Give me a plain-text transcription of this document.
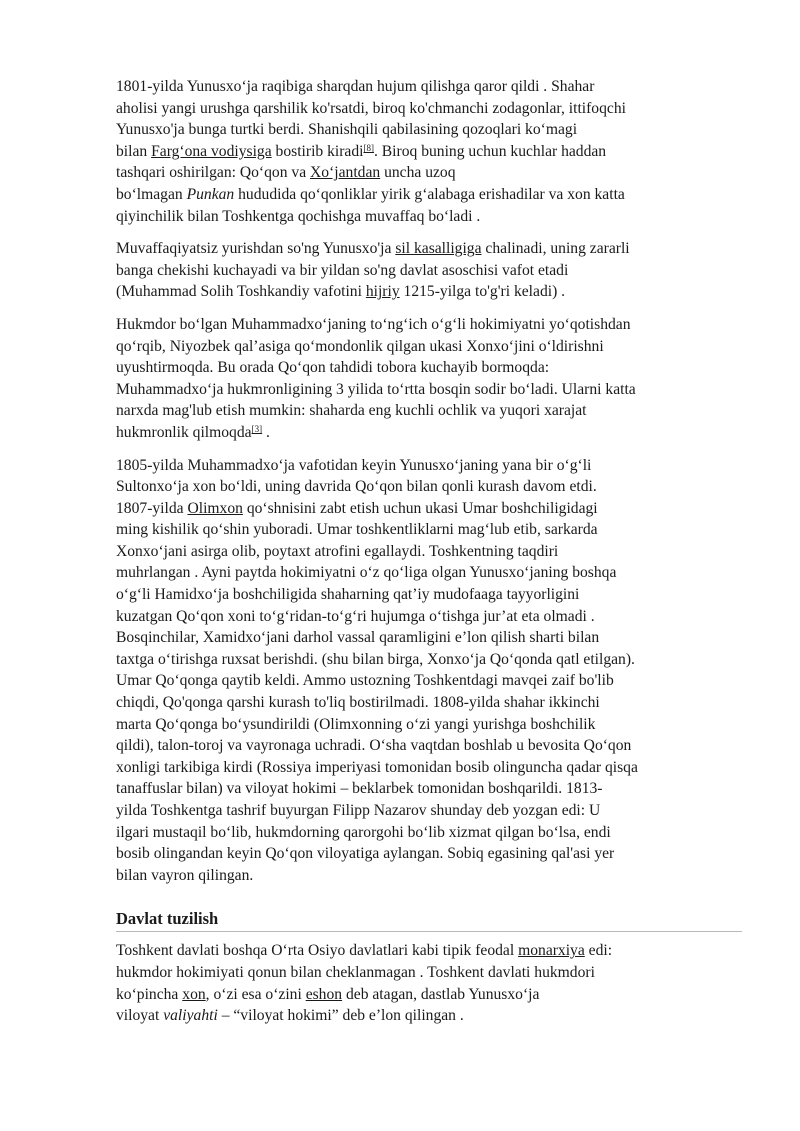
1801-yilda Yunusxo‘ja raqibiga sharqdan hujum qilishga qaror qildi . Shahar
aholisi yangi urushga qarshilik ko'rsatdi, biroq ko'chmanchi zodagonlar, ittifoqchi
Yunusxo'ja bunga turtki berdi. Shanishqili qabilasining qozoqlari ko‘magi
bilan Farg‘ona vodiysiga bostirib kiradi[8]. Biroq buning uchun kuchlar haddan
tashqari oshirilgan: Qo‘qon va Xo‘jantdan uncha uzoq
bo‘lmagan Punkan hududida qo‘qonliklar yirik g‘alabaga erishadilar va xon katta
qiyinchilik bilan Toshkentga qochishga muvaffaq bo‘ladi .

Muvaffaqiyatsiz yurishdan so'ng Yunusxo'ja sil kasalligiga chalinadi, uning zararli
banga chekishi kuchayadi va bir yildan so'ng davlat asoschisi vafot etadi
(Muhammad Solih Toshkandiy vafotini hijriy 1215-yilga to'g'ri keladi) .

Hukmdor bo‘lgan Muhammadxo‘janing to‘ng‘ich o‘g‘li hokimiyatni yo‘qotishdan
qo‘rqib, Niyozbek qal’asiga qo‘mondonlik qilgan ukasi Xonxo‘jini o‘ldirishni
uyushtirmoqda. Bu orada Qo‘qon tahdidi tobora kuchayib bormoqda:
Muhammadxo‘ja hukmronligining 3 yilida to‘rtta bosqin sodir bo‘ladi. Ularni katta
narxda mag'lub etish mumkin: shaharda eng kuchli ochlik va yuqori xarajat
hukmronlik qilmoqda[3] .

1805-yilda Muhammadxo‘ja vafotidan keyin Yunusxo‘janing yana bir o‘g‘li
Sultonxo‘ja xon bo‘ldi, uning davrida Qo‘qon bilan qonli kurash davom etdi.
1807-yilda Olimxon qo‘shnisini zabt etish uchun ukasi Umar boshchiligidagi
ming kishilik qo‘shin yuboradi. Umar toshkentliklarni mag‘lub etib, sarkarda
Xonxo‘jani asirga olib, poytaxt atrofini egallaydi. Toshkentning taqdiri
muhrlangan . Ayni paytda hokimiyatni o‘z qo‘liga olgan Yunusxo‘janing boshqa
o‘g‘li Hamidxo‘ja boshchiligida shaharning qat’iy mudofaaga tayyorligini
kuzatgan Qo‘qon xoni to‘g‘ridan-to‘g‘ri hujumga o‘tishga jur’at eta olmadi .
Bosqinchilar, Xamidxo‘jani darhol vassal qaramligini e’lon qilish sharti bilan
taxtga o‘tirishga ruxsat berishdi. (shu bilan birga, Xonxo‘ja Qo‘qonda qatl etilgan).
Umar Qo‘qonga qaytib keldi. Ammo ustozning Toshkentdagi mavqei zaif bo'lib
chiqdi, Qo'qonga qarshi kurash to'liq bostirilmadi. 1808-yilda shahar ikkinchi
marta Qo‘qonga bo‘ysundirildi (Olimxonning o‘zi yangi yurishga boshchilik
qildi), talon-toroj va vayronaga uchradi. O‘sha vaqtdan boshlab u bevosita Qo‘qon
xonligi tarkibiga kirdi (Rossiya imperiyasi tomonidan bosib olinguncha qadar qisqa
tanaffuslar bilan) va viloyat hokimi – beklarbek tomonidan boshqarildi. 1813-
yilda Toshkentga tashrif buyurgan Filipp Nazarov shunday deb yozgan edi: U
ilgari mustaqil bo‘lib, hukmdorning qarorgohi bo‘lib xizmat qilgan bo‘lsa, endi
bosib olingandan keyin Qo‘qon viloyatiga aylangan. Sobiq egasining qal'asi yer
bilan vayron qilingan.

Davlat tuzilish

Toshkent davlati boshqa O‘rta Osiyo davlatlari kabi tipik feodal monarxiya edi:
hukmdor hokimiyati qonun bilan cheklanmagan . Toshkent davlati hukmdori
ko‘pincha xon, o‘zi esa o‘zini eshon deb atagan, dastlab Yunusxo‘ja
viloyat valiyahti – “viloyat hokimi” deb e’lon qilingan .
